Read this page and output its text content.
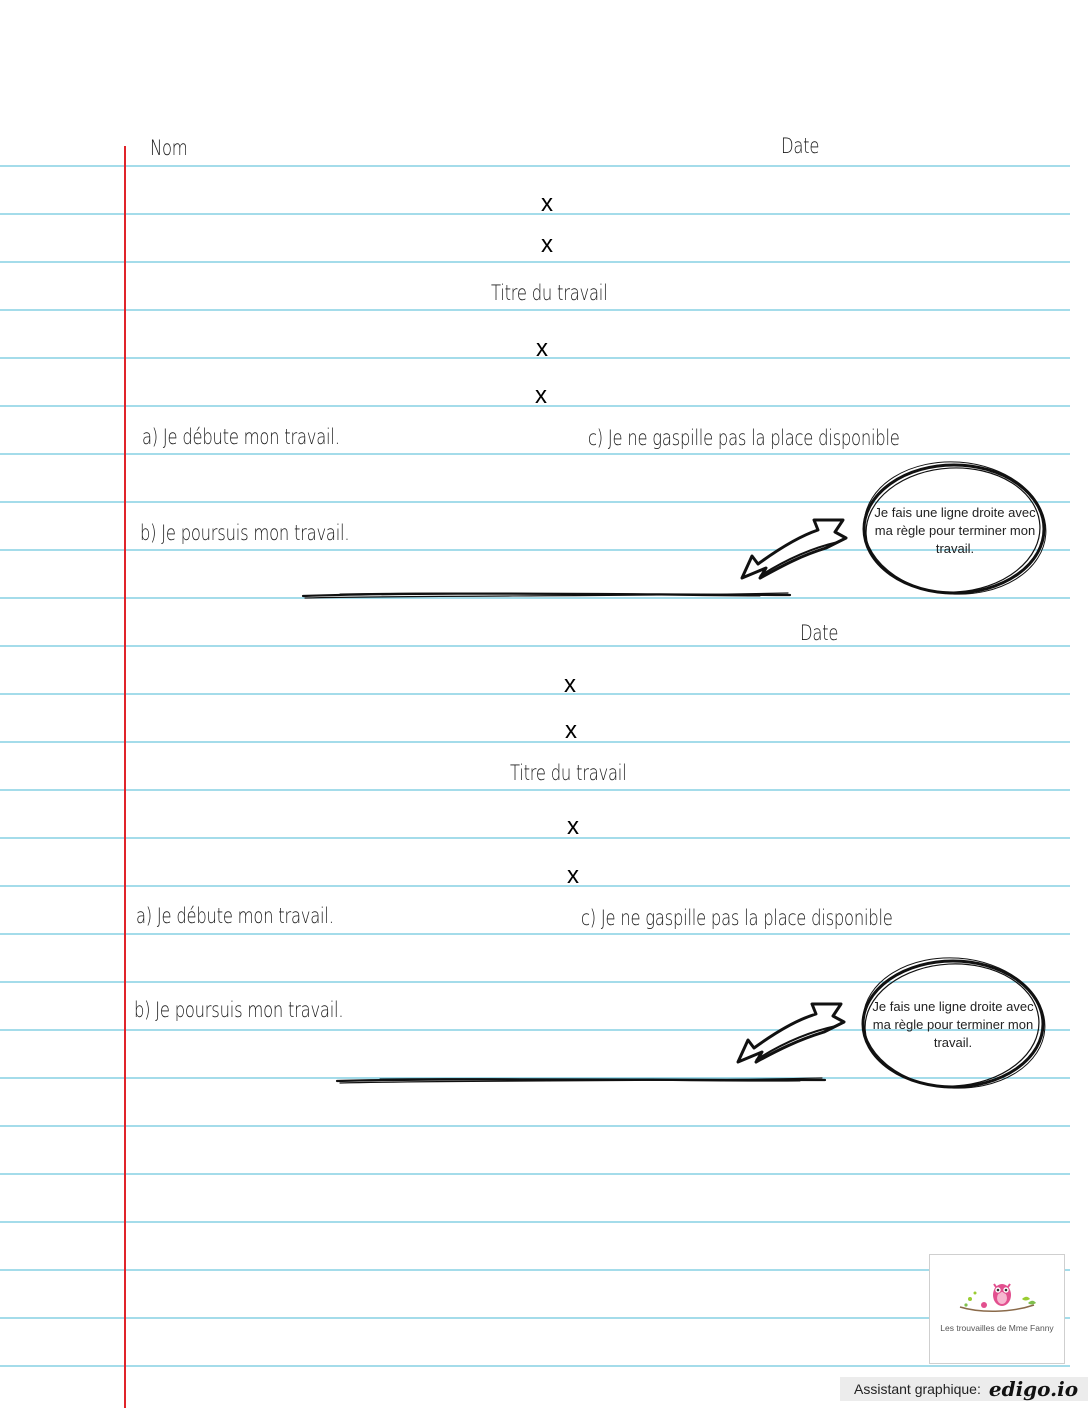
Nom	Date
x
x
Titre du travail
x
x
a) Je débute mon travail.	c) Je ne gaspille pas la place disponible
b) Je poursuis mon travail.
Je fais une ligne droite avec
ma règle pour terminer mon
travail.
Date
x
x
Titre du travail
x
x
a) Je débute mon travail.	c) Je ne gaspille pas la place disponible
b) Je poursuis mon travail.	Je fais une ligne droite avec
ma règle pour terminer mon
travail.
Les trouvailles de Mme Fanny
Assistant graphique: edigo.io
